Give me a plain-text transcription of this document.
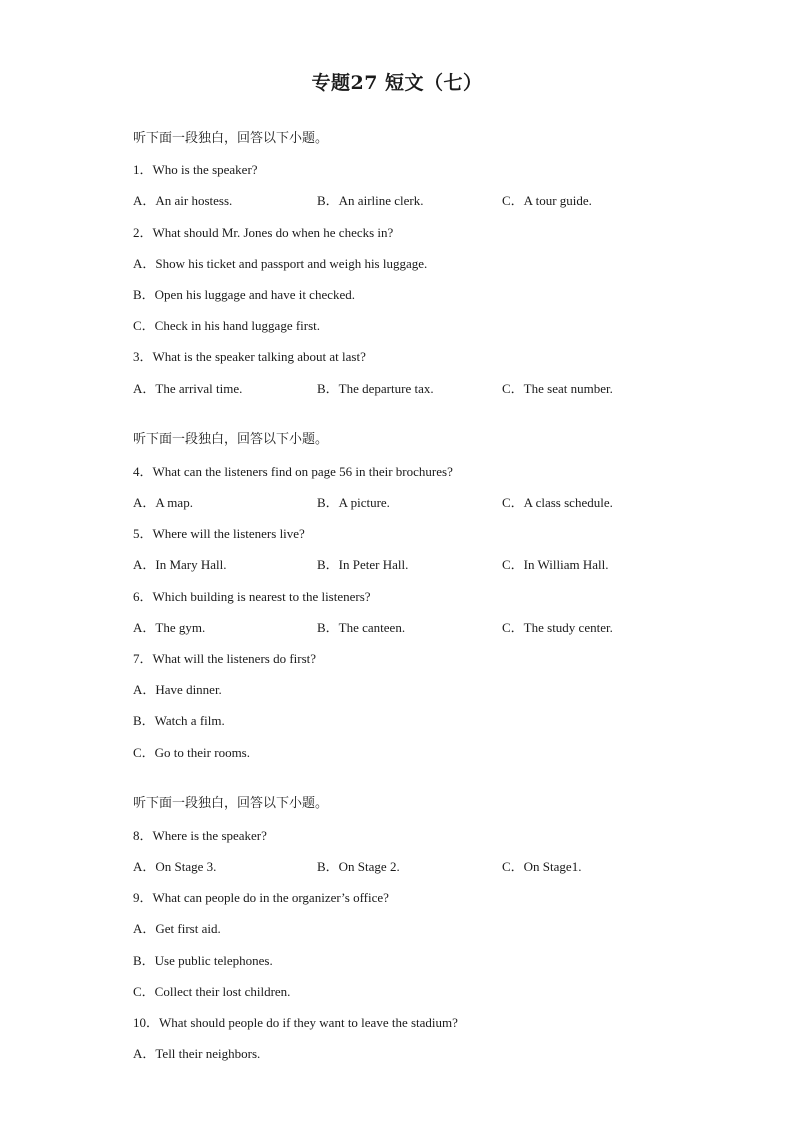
专题27 短文（七）
听下面一段独白，回答以下小题。
1．Who is the speaker?
A．An air hostess.	B．An airline clerk.	C．A tour guide.
2．What should Mr. Jones do when he checks in?
A．Show his ticket and passport and weigh his luggage.
B．Open his luggage and have it checked.
C．Check in his hand luggage first.
3．What is the speaker talking about at last?
A．The arrival time.	B．The departure tax.	C．The seat number.
听下面一段独白，回答以下小题。
4．What can the listeners find on page 56 in their brochures?
A．A map.	B．A picture.	C．A class schedule.
5．Where will the listeners live?
A．In Mary Hall.	B．In Peter Hall.	C．In William Hall.
6．Which building is nearest to the listeners?
A．The gym.	B．The canteen.	C．The study center.
7．What will the listeners do first?
A．Have dinner.
B．Watch a film.
C．Go to their rooms.
听下面一段独白，回答以下小题。
8．Where is the speaker?
A．On Stage 3.	B．On Stage 2.	C．On Stage1.
9．What can people do in the organizer’s office?
A．Get first aid.
B．Use public telephones.
C．Collect their lost children.
10．What should people do if they want to leave the stadium?
A．Tell their neighbors.
